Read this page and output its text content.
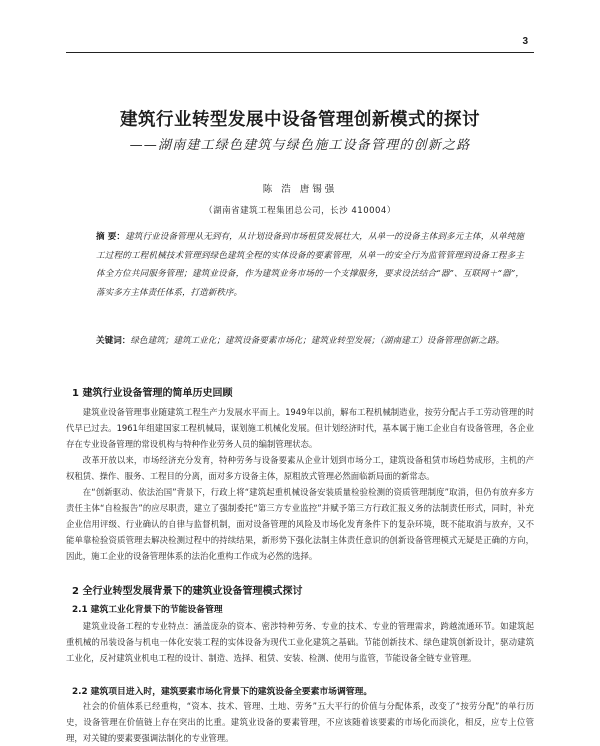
3
建筑行业转型发展中设备管理创新模式的探讨
——湖南建工绿色建筑与绿色施工设备管理的创新之路
陈 浩 唐锡强
（湖南省建筑工程集团总公司，长沙 410004）
摘 要：建筑行业设备管理从无到有，从计划设备到市场租赁发展壮大，从单一的设备主体到多元主体，从单纯施工过程的工程机械技术管理到绿色建筑全程的实体设备的要素管理，从单一的安全行为监管管理到设备工程多主体全方位共同服务管理；建筑业设备，作为建筑业务市场的一个支撑服务，要求设法结合“器”、互联网＋“器”，落实多方主体责任体系，打造新秩序。
关键词：绿色建筑；建筑工业化；建筑设备要素市场化；建筑业转型发展；（湖南建工）设备管理创新之路。
1 建筑行业设备管理的简单历史回顾

建筑业设备管理事业随建筑工程生产力发展水平而上。1949年以前，解布工程机械制造业，按劳分配占手工劳动管理的时代早已过去。1961年组建国家工程机械局，谋划施工机械化发展。但计划经济时代，基本属于施工企业自有设备管理，各企业存在专业设备管理的常设机构与特种作业劳务人员的编制管理状态。

改革开放以来，市场经济充分发育，特种劳务与设备要素从企业计划到市场分工，建筑设备租赁市场趋势成形，主机的产权租赁、操作、服务、工程目的分离，面对多方设备主体，原粗放式管理必然面临新局面的新常态。

在“创新驱动、依法治国”背景下，行政上将“建筑起重机械设备安装质量检验检测的资质管理制度”取消，但仍有放弃多方责任主体“自检报告”的应尽职责，建立了强制委托“第三方专业监控”并赋予第三方行政汇报义务的法制责任形式，同时，补充企业信用评级、行业确认的自律与监督机制，面对设备管理的风险及市场化发育条件下的复杂环境，既不能取消与放弃，又不能单靠检验资质管理去解决检测过程中的持续结果，新形势下强化法制主体责任意识的创新设备管理模式无疑是正确的方向，因此，施工企业的设备管理体系的法治化重构工作成为必然的选择。

2 全行业转型发展背景下的建筑业设备管理模式探讨
2.1 建筑工业化背景下的节能设备管理

建筑业设备工程的专业特点：涵盖庞杂的资本、密涉特种劳务、专业的技术、专业的管理需求，跨越流通环节。如建筑起重机械的吊装设备与机电一体化安装工程的实体设备为现代工业化建筑之基础。节能创新技术、绿色建筑创新设计，驱动建筑工业化，反衬建筑业机电工程的设计、制造、选择、租赁、安装、检测、使用与监管，节能设备全链专业管理。

2.2 建筑项目进入时，建筑要素市场化背景下的建筑设备全要素市场调管理。

社会的价值体系已经重构，“资本、技术、管理、土地、劳务”五大平行的价值与分配体系，改变了“按劳分配”的单行历史，设备管理在价值链上存在突出的比重。建筑业设备的要素管理，不应该随着该要素的市场化而淡化，相反，应专上位管理，对关键的要素要强调法制化的专业管理。
